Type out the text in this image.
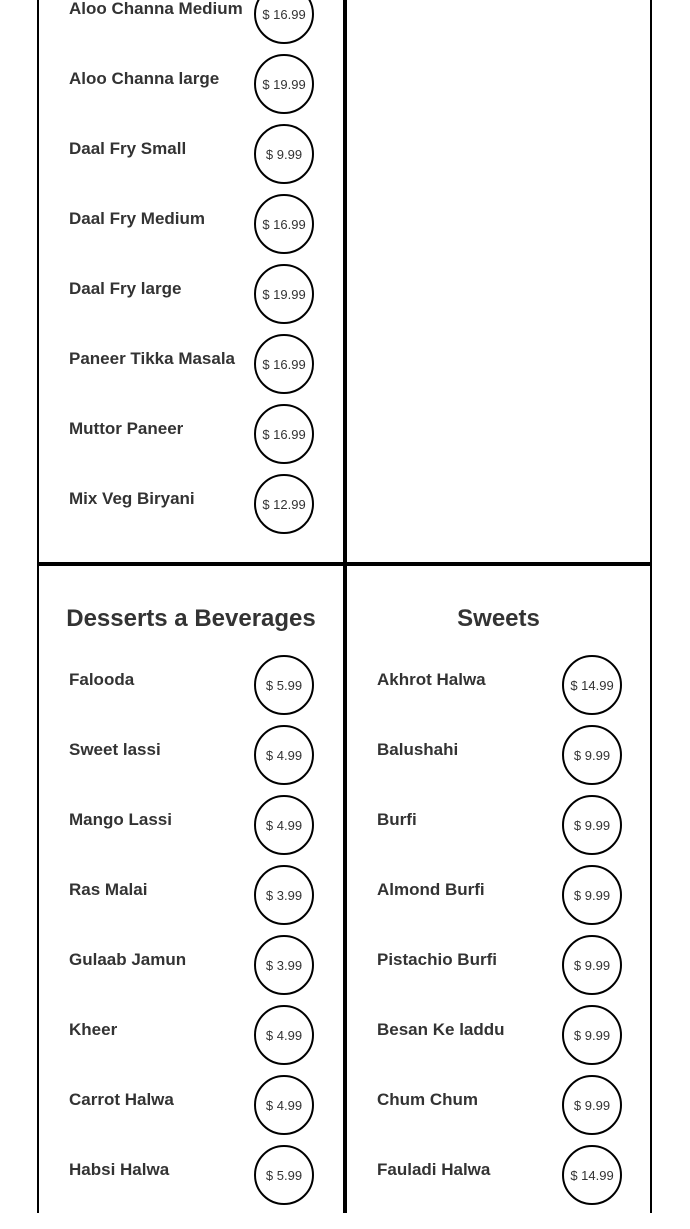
Aloo Channa Medium	$ 16.99
Aloo Channa large	$ 19.99
Daal Fry Small	$ 9.99
Daal Fry Medium	$ 16.99
Daal Fry large	$ 19.99
Paneer Tikka Masala	$ 16.99
Muttor Paneer	$ 16.99
Mix Veg Biryani	$ 12.99
Desserts a Beverages
Falooda	$ 5.99
Sweet lassi	$ 4.99
Mango Lassi	$ 4.99
Ras Malai	$ 3.99
Gulaab Jamun	$ 3.99
Kheer	$ 4.99
Carrot Halwa	$ 4.99
Habsi Halwa	$ 5.99
Sweets
Akhrot Halwa	$ 14.99
Balushahi	$ 9.99
Burfi	$ 9.99
Almond Burfi	$ 9.99
Pistachio Burfi	$ 9.99
Besan Ke laddu	$ 9.99
Chum Chum	$ 9.99
Fauladi Halwa	$ 14.99
